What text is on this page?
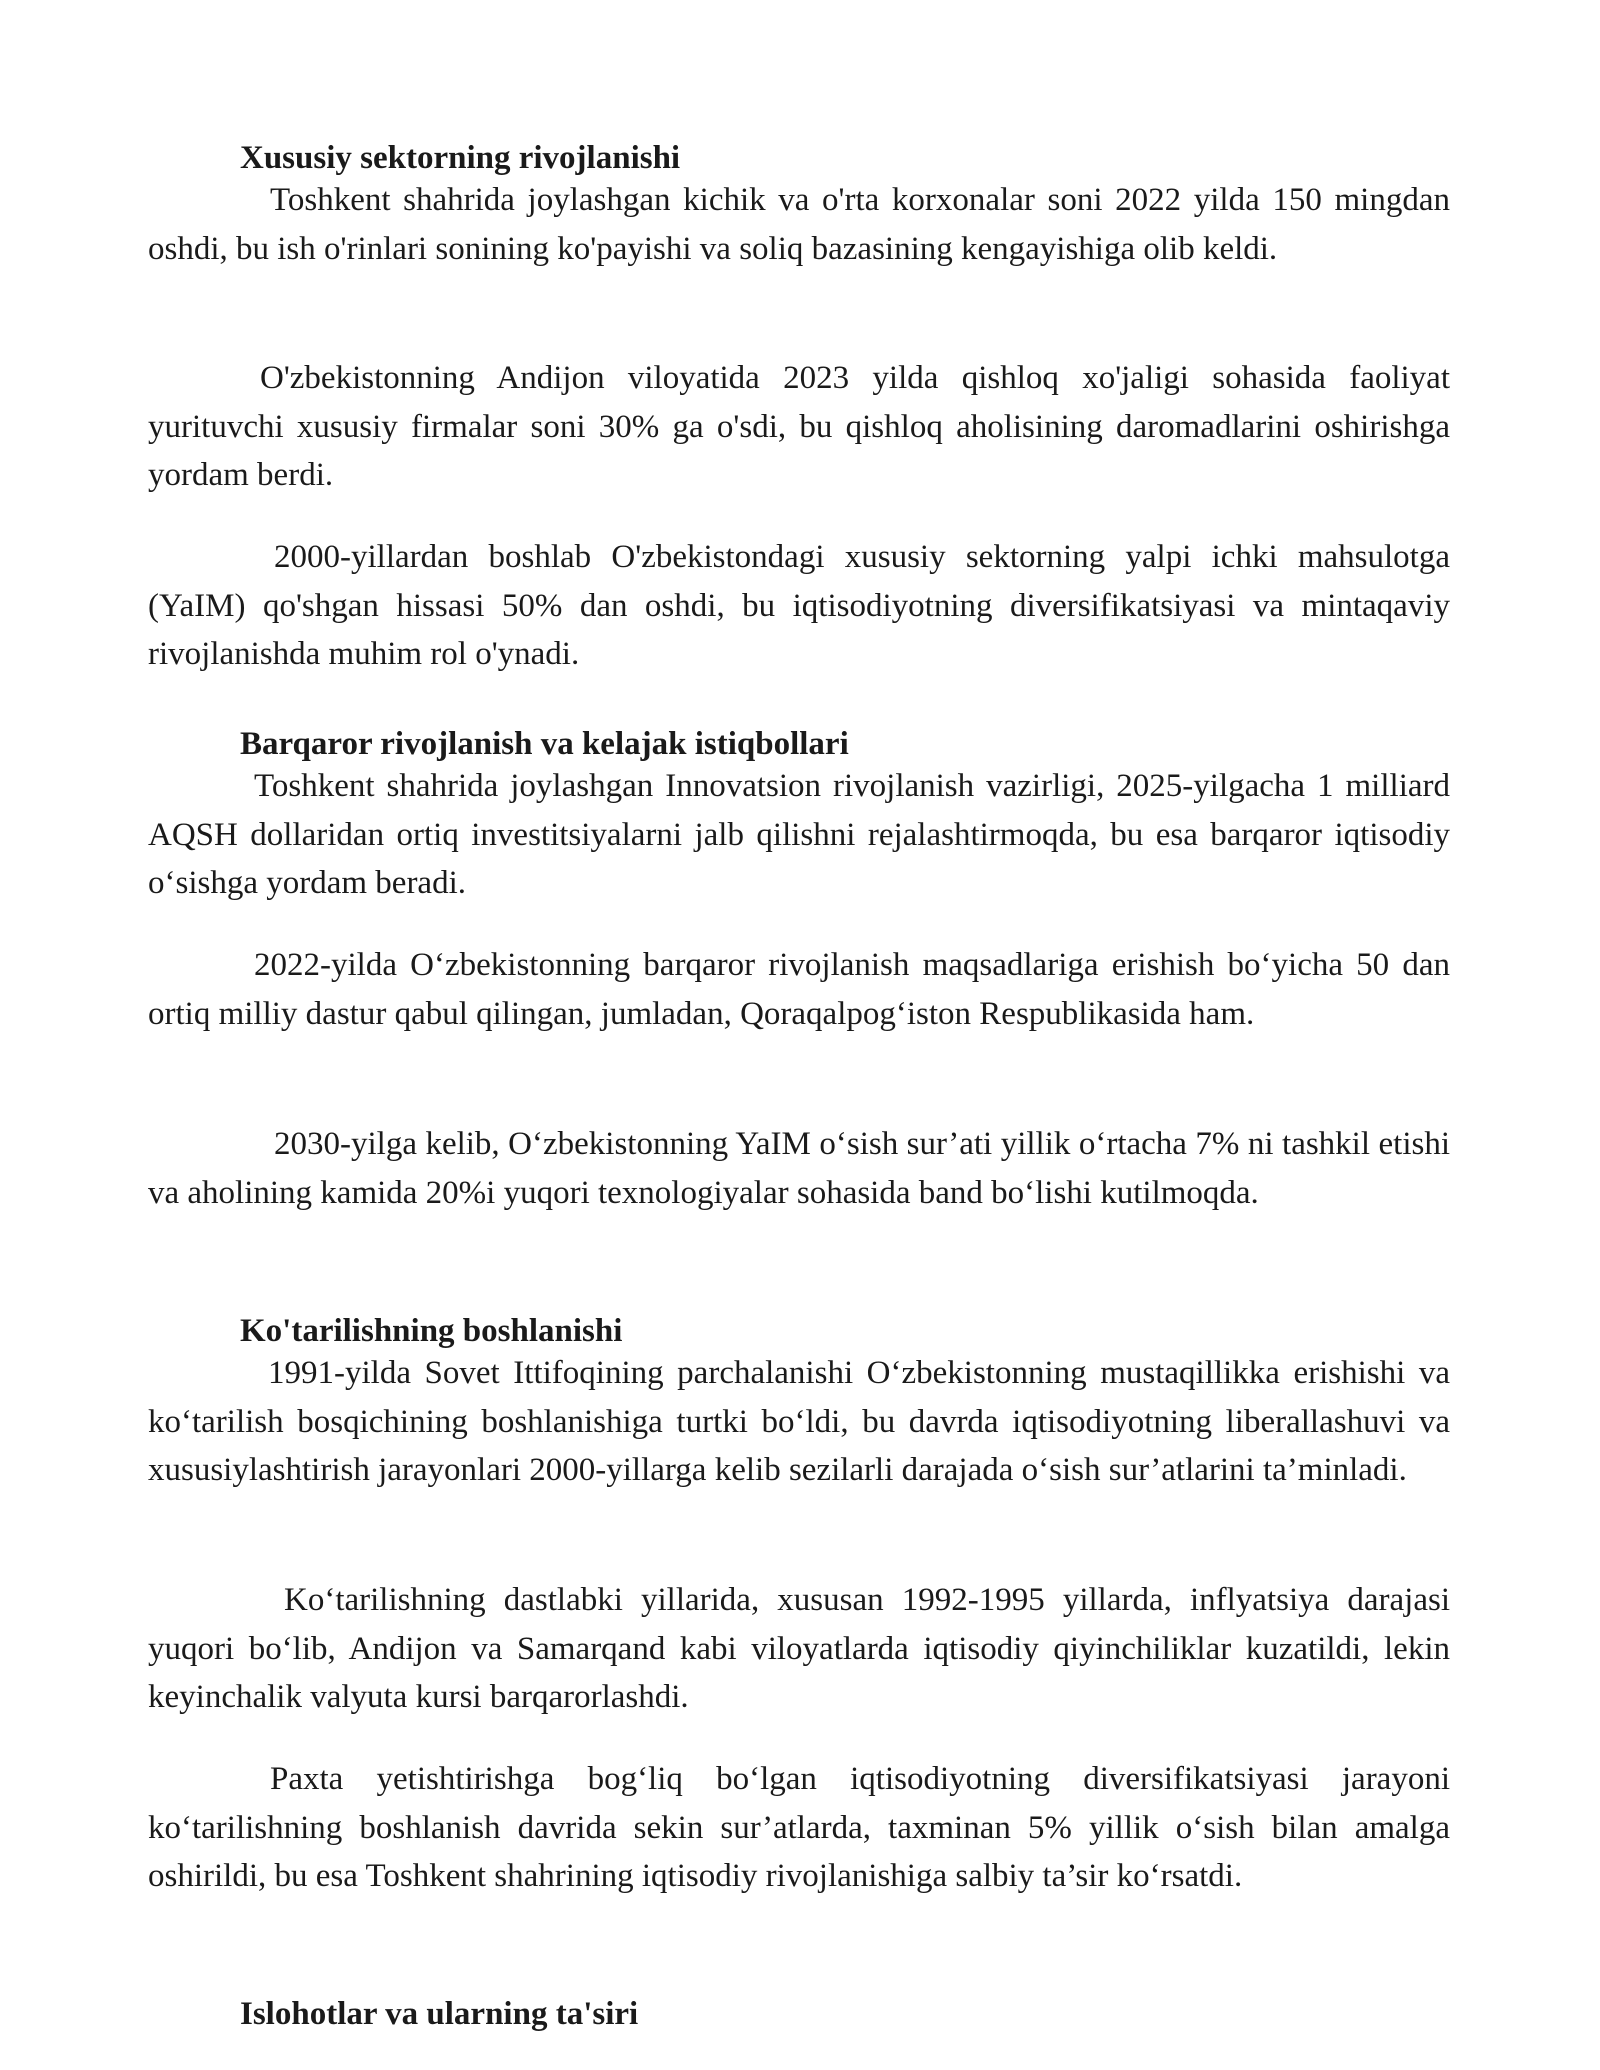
Xususiy sektorning rivojlanishi

Toshkent shahrida joylashgan kichik va o'rta korxonalar soni 2022 yilda 150 mingdan oshdi, bu ish o'rinlari sonining ko'payishi va soliq bazasining kengayishiga olib keldi.

O'zbekistonning Andijon viloyatida 2023 yilda qishloq xo'jaligi sohasida faoliyat yurituvchi xususiy firmalar soni 30% ga o'sdi, bu qishloq aholisining daromadlarini oshirishga yordam berdi.

2000-yillardan boshlab O'zbekistondagi xususiy sektorning yalpi ichki mahsulotga (YaIM) qo'shgan hissasi 50% dan oshdi, bu iqtisodiyotning diversifikatsiyasi va mintaqaviy rivojlanishda muhim rol o'ynadi.

Barqaror rivojlanish va kelajak istiqbollari

Toshkent shahrida joylashgan Innovatsion rivojlanish vazirligi, 2025-yilgacha 1 milliard AQSH dollaridan ortiq investitsiyalarni jalb qilishni rejalashtirmoqda, bu esa barqaror iqtisodiy o‘sishga yordam beradi.

2022-yilda O‘zbekistonning barqaror rivojlanish maqsadlariga erishish bo‘yicha 50 dan ortiq milliy dastur qabul qilingan, jumladan, Qoraqalpog‘iston Respublikasida ham.

2030-yilga kelib, O‘zbekistonning YaIM o‘sish sur’ati yillik o‘rtacha 7% ni tashkil etishi va aholining kamida 20%i yuqori texnologiyalar sohasida band bo‘lishi kutilmoqda.

Ko'tarilishning boshlanishi

1991-yilda Sovet Ittifoqining parchalanishi O‘zbekistonning mustaqillikka erishishi va ko‘tarilish bosqichining boshlanishiga turtki bo‘ldi, bu davrda iqtisodiyotning liberallashuvi va xususiylashtirish jarayonlari 2000-yillarga kelib sezilarli darajada o‘sish sur’atlarini ta’minladi.

Ko‘tarilishning dastlabki yillarida, xususan 1992-1995 yillarda, inflyatsiya darajasi yuqori bo‘lib, Andijon va Samarqand kabi viloyatlarda iqtisodiy qiyinchiliklar kuzatildi, lekin keyinchalik valyuta kursi barqarorlashdi.

Paxta yetishtirishga bog‘liq bo‘lgan iqtisodiyotning diversifikatsiyasi jarayoni ko‘tarilishning boshlanish davrida sekin sur’atlarda, taxminan 5% yillik o‘sish bilan amalga oshirildi, bu esa Toshkent shahrining iqtisodiy rivojlanishiga salbiy ta’sir ko‘rsatdi.

Islohotlar va ularning ta'siri
